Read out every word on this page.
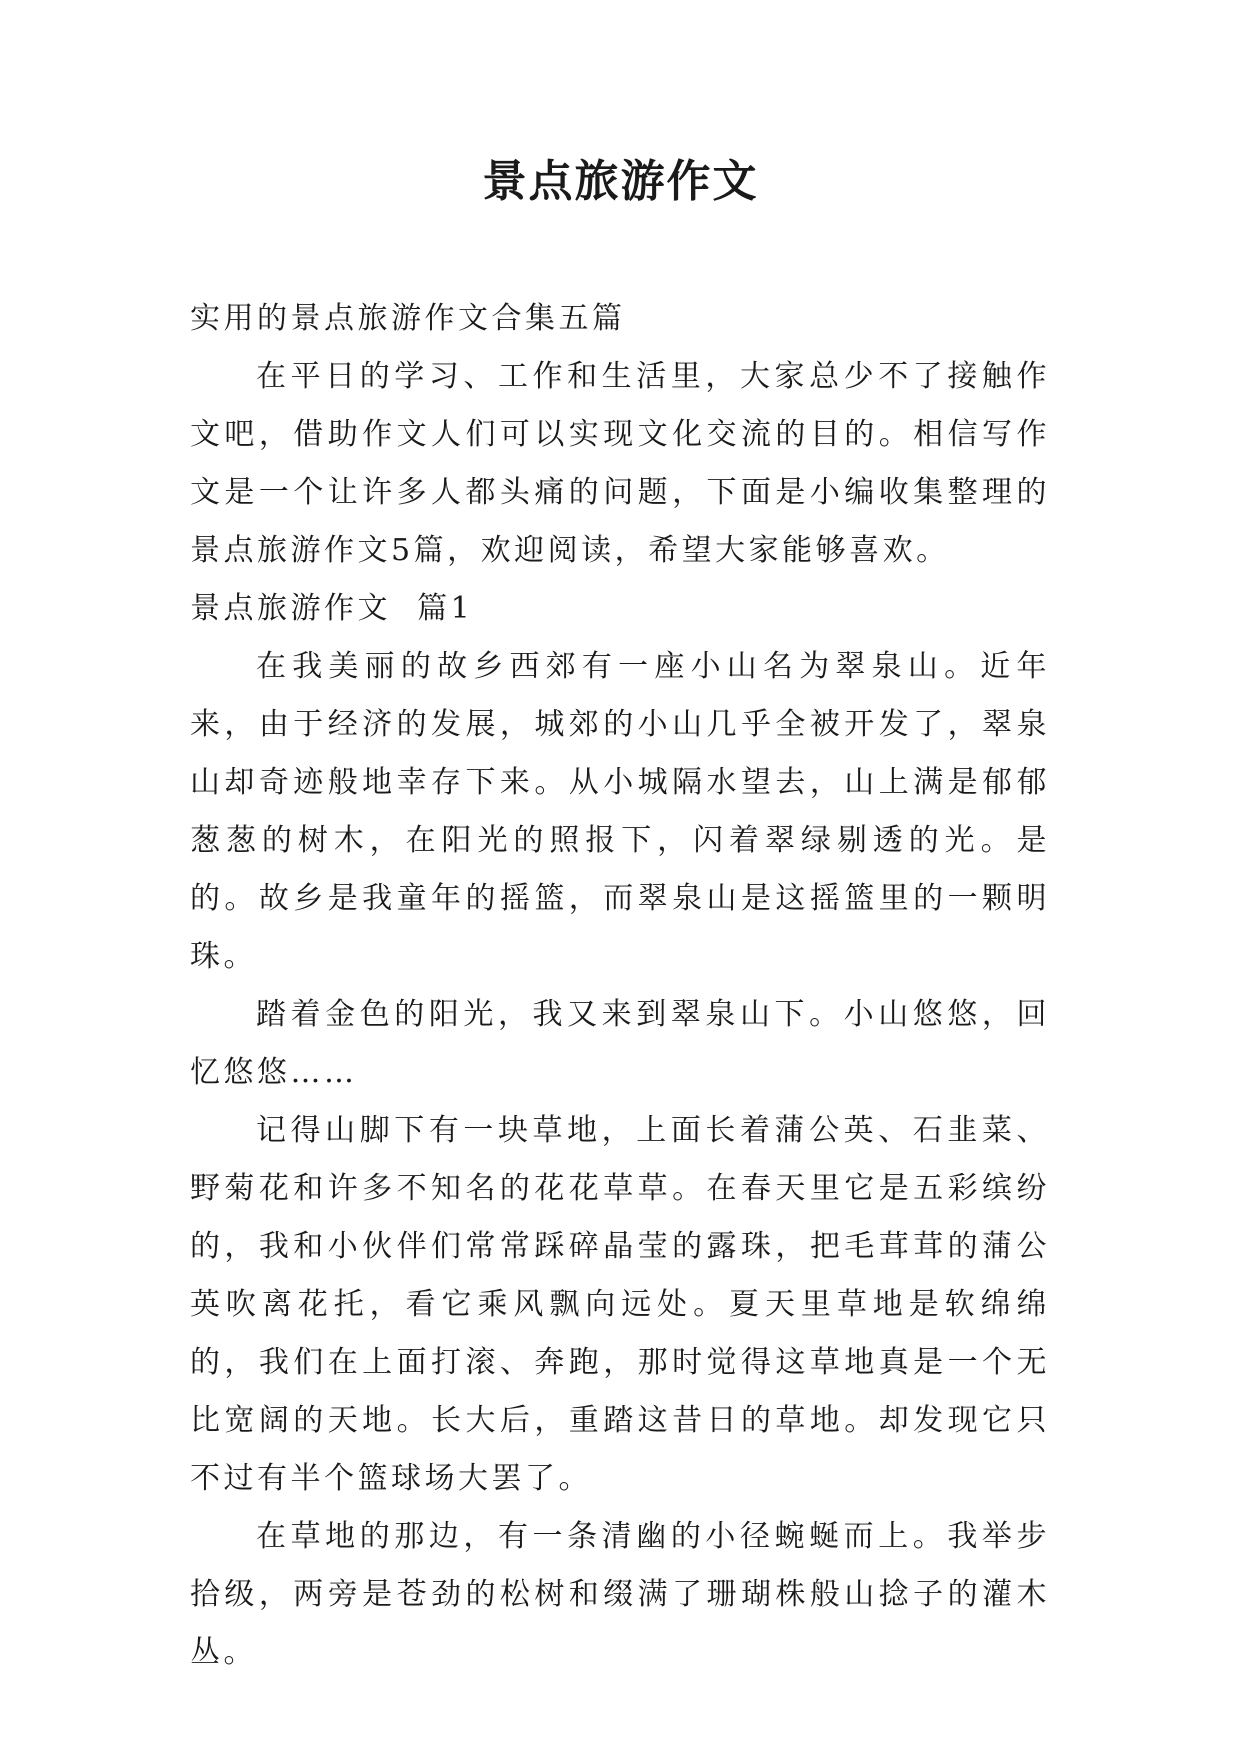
景点旅游作文

实用的景点旅游作文合集五篇

在平日的学习、工作和生活里，大家总少不了接触作文吧，借助作文人们可以实现文化交流的目的。相信写作文是一个让许多人都头痛的问题，下面是小编收集整理的景点旅游作文5篇，欢迎阅读，希望大家能够喜欢。

景点旅游作文  篇1

在我美丽的故乡西郊有一座小山名为翠泉山。近年来，由于经济的发展，城郊的小山几乎全被开发了，翠泉山却奇迹般地幸存下来。从小城隔水望去，山上满是郁郁葱葱的树木，在阳光的照报下，闪着翠绿剔透的光。是的。故乡是我童年的摇篮，而翠泉山是这摇篮里的一颗明珠。

踏着金色的阳光，我又来到翠泉山下。小山悠悠，回忆悠悠……

记得山脚下有一块草地，上面长着蒲公英、石韭菜、野菊花和许多不知名的花花草草。在春天里它是五彩缤纷的，我和小伙伴们常常踩碎晶莹的露珠，把毛茸茸的蒲公英吹离花托，看它乘风飘向远处。夏天里草地是软绵绵的，我们在上面打滚、奔跑，那时觉得这草地真是一个无比宽阔的天地。长大后，重踏这昔日的草地。却发现它只不过有半个篮球场大罢了。

在草地的那边，有一条清幽的小径蜿蜒而上。我举步拾级，两旁是苍劲的松树和缀满了珊瑚株般山捻子的灌木丛。
